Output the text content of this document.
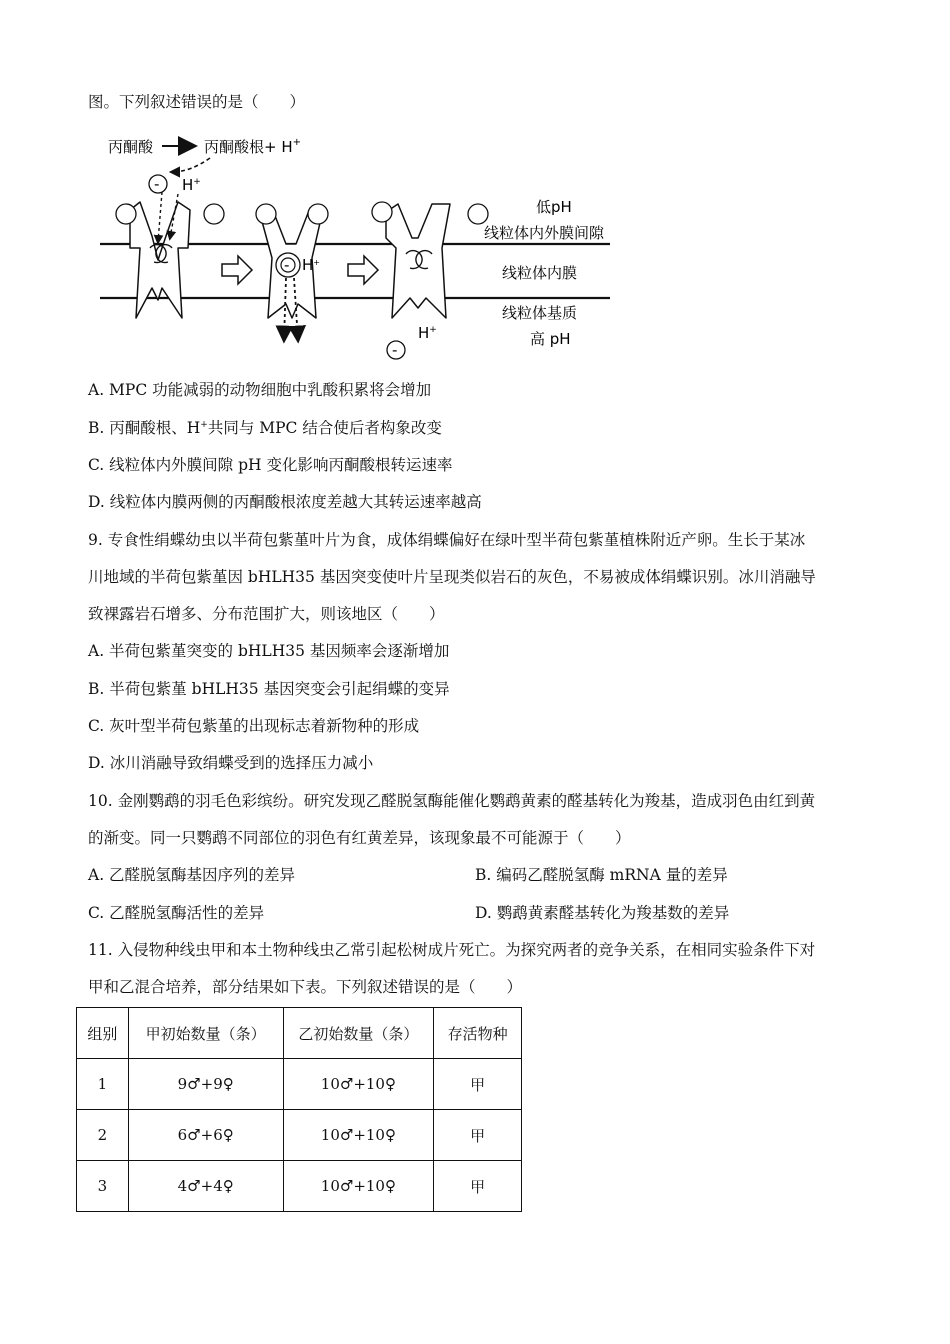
图。下列叙述错误的是（　　）
丙酮酸	丙酮酸根+ H+
- H+
- H+
H+
-
低pH
线粒体内外膜间隙
线粒体内膜
线粒体基质
高 pH
A. MPC 功能减弱的动物细胞中乳酸积累将会增加
B. 丙酮酸根、H+共同与 MPC 结合使后者构象改变
C. 线粒体内外膜间隙 pH 变化影响丙酮酸根转运速率
D. 线粒体内膜两侧的丙酮酸根浓度差越大其转运速率越高
9. 专食性绢蝶幼虫以半荷包紫堇叶片为食，成体绢蝶偏好在绿叶型半荷包紫堇植株附近产卵。生长于某冰
川地域的半荷包紫堇因 bHLH35 基因突变使叶片呈现类似岩石的灰色，不易被成体绢蝶识别。冰川消融导
致裸露岩石增多、分布范围扩大，则该地区（　　）
A. 半荷包紫堇突变的 bHLH35 基因频率会逐渐增加
B. 半荷包紫堇 bHLH35 基因突变会引起绢蝶的变异
C. 灰叶型半荷包紫堇的出现标志着新物种的形成
D. 冰川消融导致绢蝶受到的选择压力减小
10. 金刚鹦鹉的羽毛色彩缤纷。研究发现乙醛脱氢酶能催化鹦鹉黄素的醛基转化为羧基，造成羽色由红到黄
的渐变。同一只鹦鹉不同部位的羽色有红黄差异，该现象最不可能源于（　　）
A. 乙醛脱氢酶基因序列的差异	B. 编码乙醛脱氢酶 mRNA 量的差异
C. 乙醛脱氢酶活性的差异	D. 鹦鹉黄素醛基转化为羧基数的差异
11. 入侵物种线虫甲和本土物种线虫乙常引起松树成片死亡。为探究两者的竞争关系，在相同实验条件下对
甲和乙混合培养，部分结果如下表。下列叙述错误的是（　　）
组别	甲初始数量（条）	乙初始数量（条）	存活物种
1	9♂+9♀	10♂+10♀	甲
2	6♂+6♀	10♂+10♀	甲
3	4♂+4♀	10♂+10♀	甲
